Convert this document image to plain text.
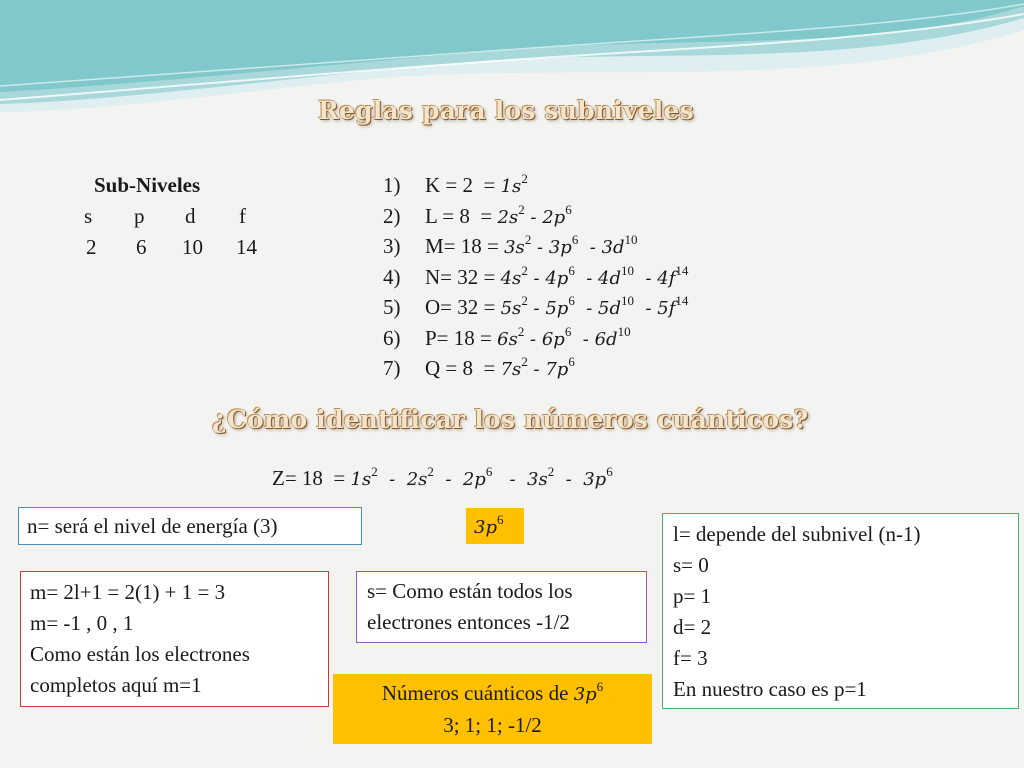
Reglas para los subniveles
Sub-Niveles
s p d f
2 6 10 14
1) $K = 2 = 1s^2$
2) $L = 8 = 2s^2 - 2p^6$
3) $M= 18 = 3s^2 - 3p^6 - 3d^{10}$
4) $N= 32 = 4s^2 - 4p^6 - 4d^{10} - 4f^{14}$
5) $O= 32 = 5s^2 - 5p^6 - 5d^{10} - 5f^{14}$
6) $P= 18 = 6s^2 - 6p^6 - 6d^{10}$
7) $Q = 8 = 7s^2 - 7p^6$
¿Cómo identificar los números cuánticos?
$Z= 18 = 1s^2 - 2s^2 - 2p^6 - 3s^2 - 3p^6$
n= será el nivel de energía (3)	$3p^6$
l= depende del subnivel (n-1)
s= 0
p= 1
d= 2
f= 3
En nuestro caso es p=1
m= 2l+1 = 2(1) + 1 = 3
m= -1 , 0 , 1
Como están los electrones
completos aquí m=1
s= Como están todos los
electrones entonces -1/2
Números cuánticos de $3p^6$
3; 1; 1; -1/2
